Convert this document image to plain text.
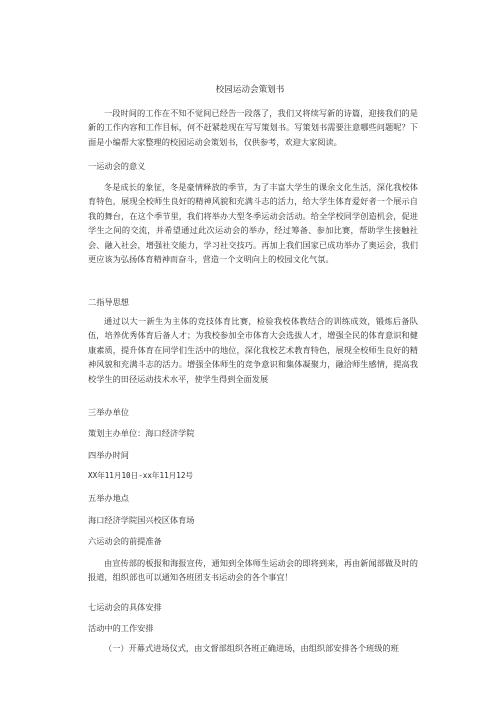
校园运动会策划书

一段时间的工作在不知不觉间已经告一段落了，我们又将续写新的诗篇，迎接我们的是新的工作内容和工作目标，何不赶紧趁现在写写策划书。写策划书需要注意哪些问题呢？下面是小编帮大家整理的校园运动会策划书，仅供参考，欢迎大家阅读。

一运动会的意义

冬是成长的象征，冬是豪情释放的季节，为了丰富大学生的课余文化生活，深化我校体育特色，展现全校师生良好的精神风貌和充满斗志的活力，给大学生体育爱好者一个展示自我的舞台，在这个季节里，我们将举办大型冬季运动会活动。给全学校同学创造机会，促进学生之间的交流，并希望通过此次运动会的举办，经过筹备、参加比赛，帮助学生接触社会、融入社会，增强社交能力，学习社交技巧。再加上我们国家已成功举办了奥运会，我们更应该为弘扬体育精神而奋斗，营造一个文明向上的校园文化气氛。

二指导思想

通过以大一新生为主体的竞技体育比赛，检验我校体教结合的训练成效，锻炼后备队伍，培养优秀体育后备人才；为我校参加全市体育大会选拔人才，增强全民的体育意识和健康素质，提升体育在同学们生活中的地位，深化我校艺术教育特色，展现全校师生良好的精神风貌和充满斗志的活力。增强全体师生的竞争意识和集体凝聚力，融洽师生感情，提高我校学生的田径运动技术水平，使学生得到全面发展

三举办单位

策划主办单位：海口经济学院

四举办时间

XX年11月10日-xx年11月12号

五举办地点

海口经济学院国兴校区体育场

六运动会的前提准备

由宣传部的板报和海报宣传，通知到全体师生运动会的即将到来，再由新闻部做及时的报道，组织部也可以通知各班团支书运动会的各个事宜！

七运动会的具体安排

活动中的工作安排

（一）开幕式进场仪式，由文督部组织各班正确进场，由组织部安排各个班级的班
